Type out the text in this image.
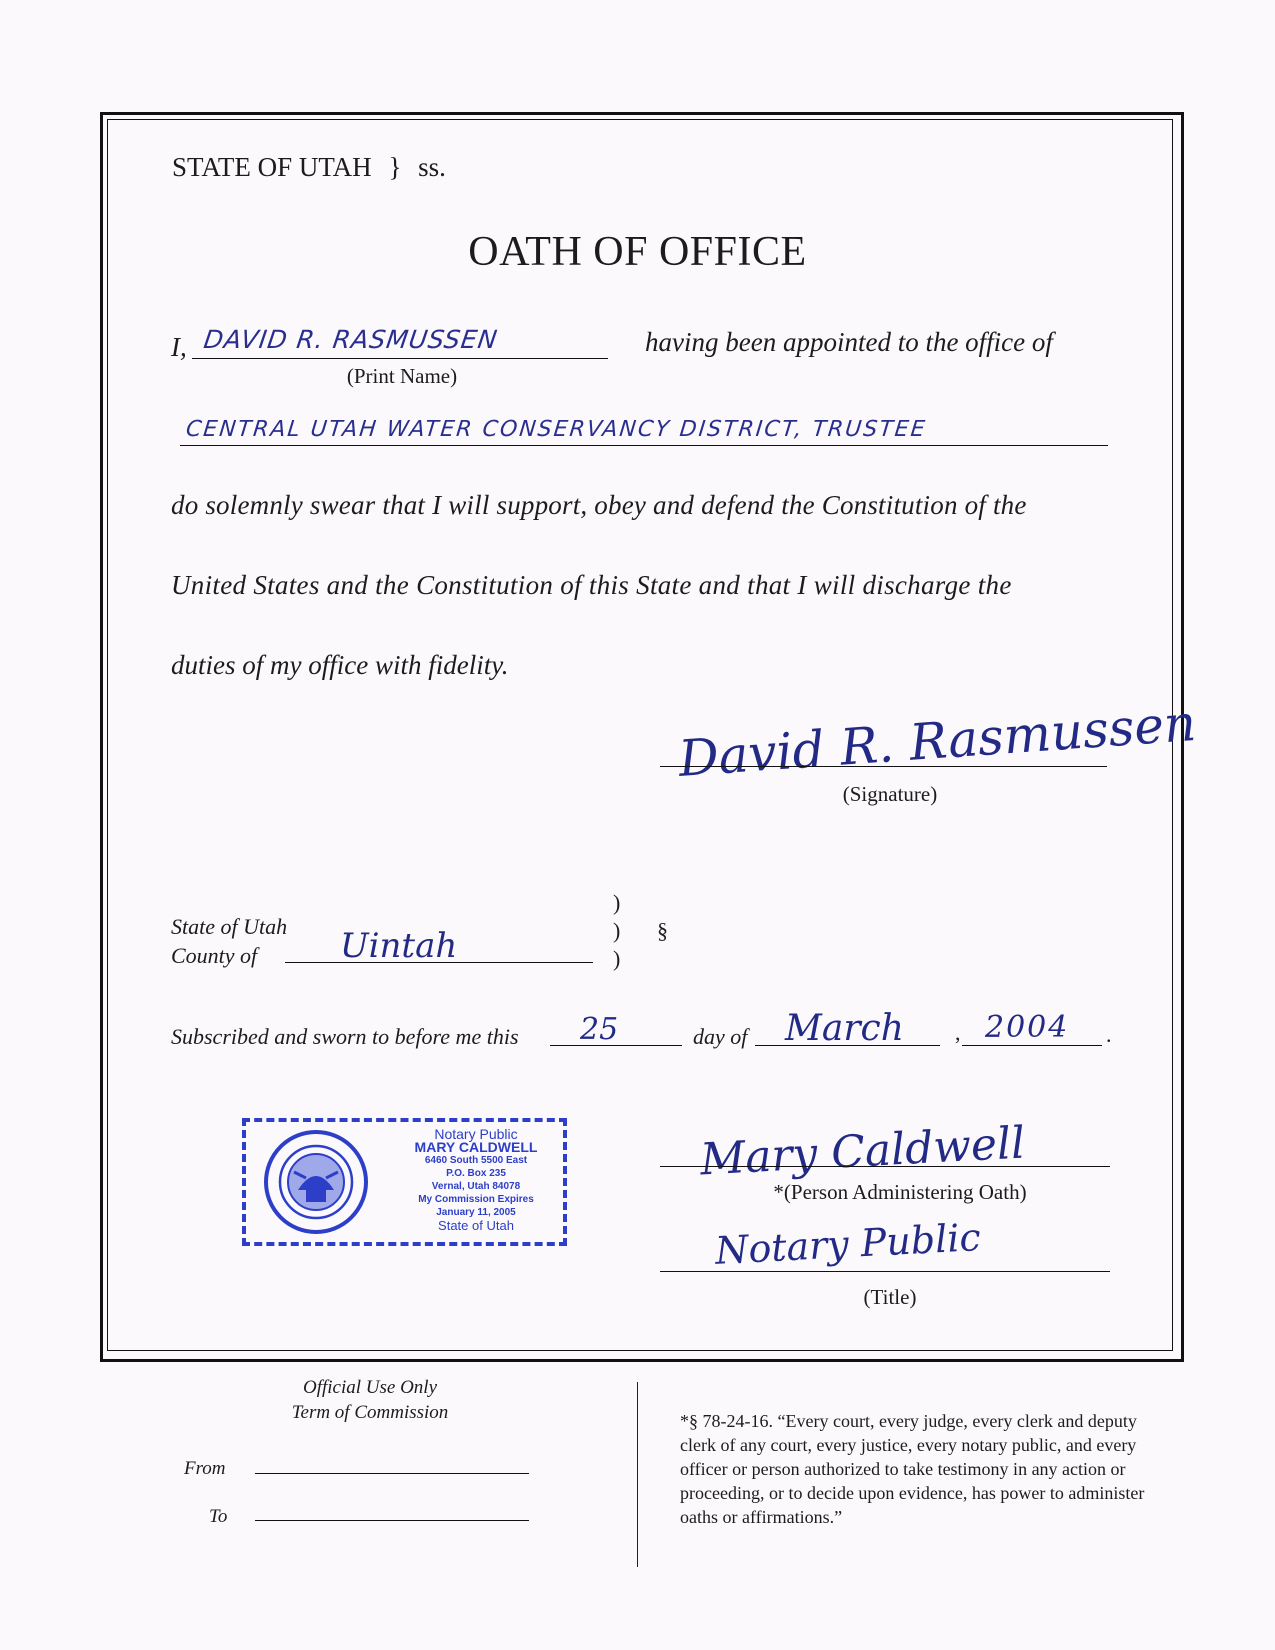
STATE OF UTAH } ss.
OATH OF OFFICE
I, DAVID R. RASMUSSEN
(Print Name)
having been appointed to the office of
CENTRAL UTAH WATER CONSERVANCY DISTRICT, TRUSTEE
do solemnly swear that I will support, obey and defend the Constitution of the
United States and the Constitution of this State and that I will discharge the
duties of my office with fidelity.
David R. Rasmussen
(Signature)
State of Utah
County of Uintah
)
)
)
§
Subscribed and sworn to before me this 25	day of March , 2004 .
Notary Public
MARY CALDWELL
6460 South 5500 East
P.O. Box 235
Vernal, Utah 84078
My Commission Expires
January 11, 2005
State of Utah
Mary Caldwell
*(Person Administering Oath)
Notary Public
(Title)
Official Use Only
Term of Commission
From
To
*§ 78-24-16. “Every court, every judge, every clerk and deputy clerk of any court, every justice, every notary public, and every officer or person authorized to take testimony in any action or proceeding, or to decide upon evidence, has power to administer oaths or affirmations.”
